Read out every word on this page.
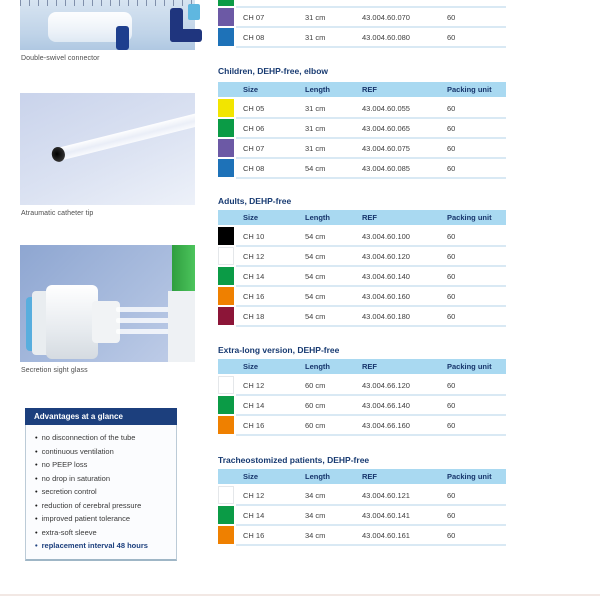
Double-swivel connector
Atraumatic catheter tip
Secretion sight glass
Advantages at a glance
• no disconnection of the tube
• continuous ventilation
• no PEEP loss
• no drop in saturation
• secretion control
• reduction of cerebral pressure
• improved patient tolerance
• extra-soft sleeve
• replacement interval 48 hours
CH 07	31 cm	43.004.60.070	60
CH 08	31 cm	43.004.60.080	60
Children, DEHP-free, elbow
Size	Length	REF	Packing unit
CH 05	31 cm	43.004.60.055	60
CH 06	31 cm	43.004.60.065	60
CH 07	31 cm	43.004.60.075	60
CH 08	54 cm	43.004.60.085	60
Adults, DEHP-free
Size	Length	REF	Packing unit
CH 10	54 cm	43.004.60.100	60
CH 12	54 cm	43.004.60.120	60
CH 14	54 cm	43.004.60.140	60
CH 16	54 cm	43.004.60.160	60
CH 18	54 cm	43.004.60.180	60
Extra-long version, DEHP-free
Size	Length	REF	Packing unit
CH 12	60 cm	43.004.66.120	60
CH 14	60 cm	43.004.66.140	60
CH 16	60 cm	43.004.66.160	60
Tracheostomized patients, DEHP-free
Size	Length	REF	Packing unit
CH 12	34 cm	43.004.60.121	60
CH 14	34 cm	43.004.60.141	60
CH 16	34 cm	43.004.60.161	60
